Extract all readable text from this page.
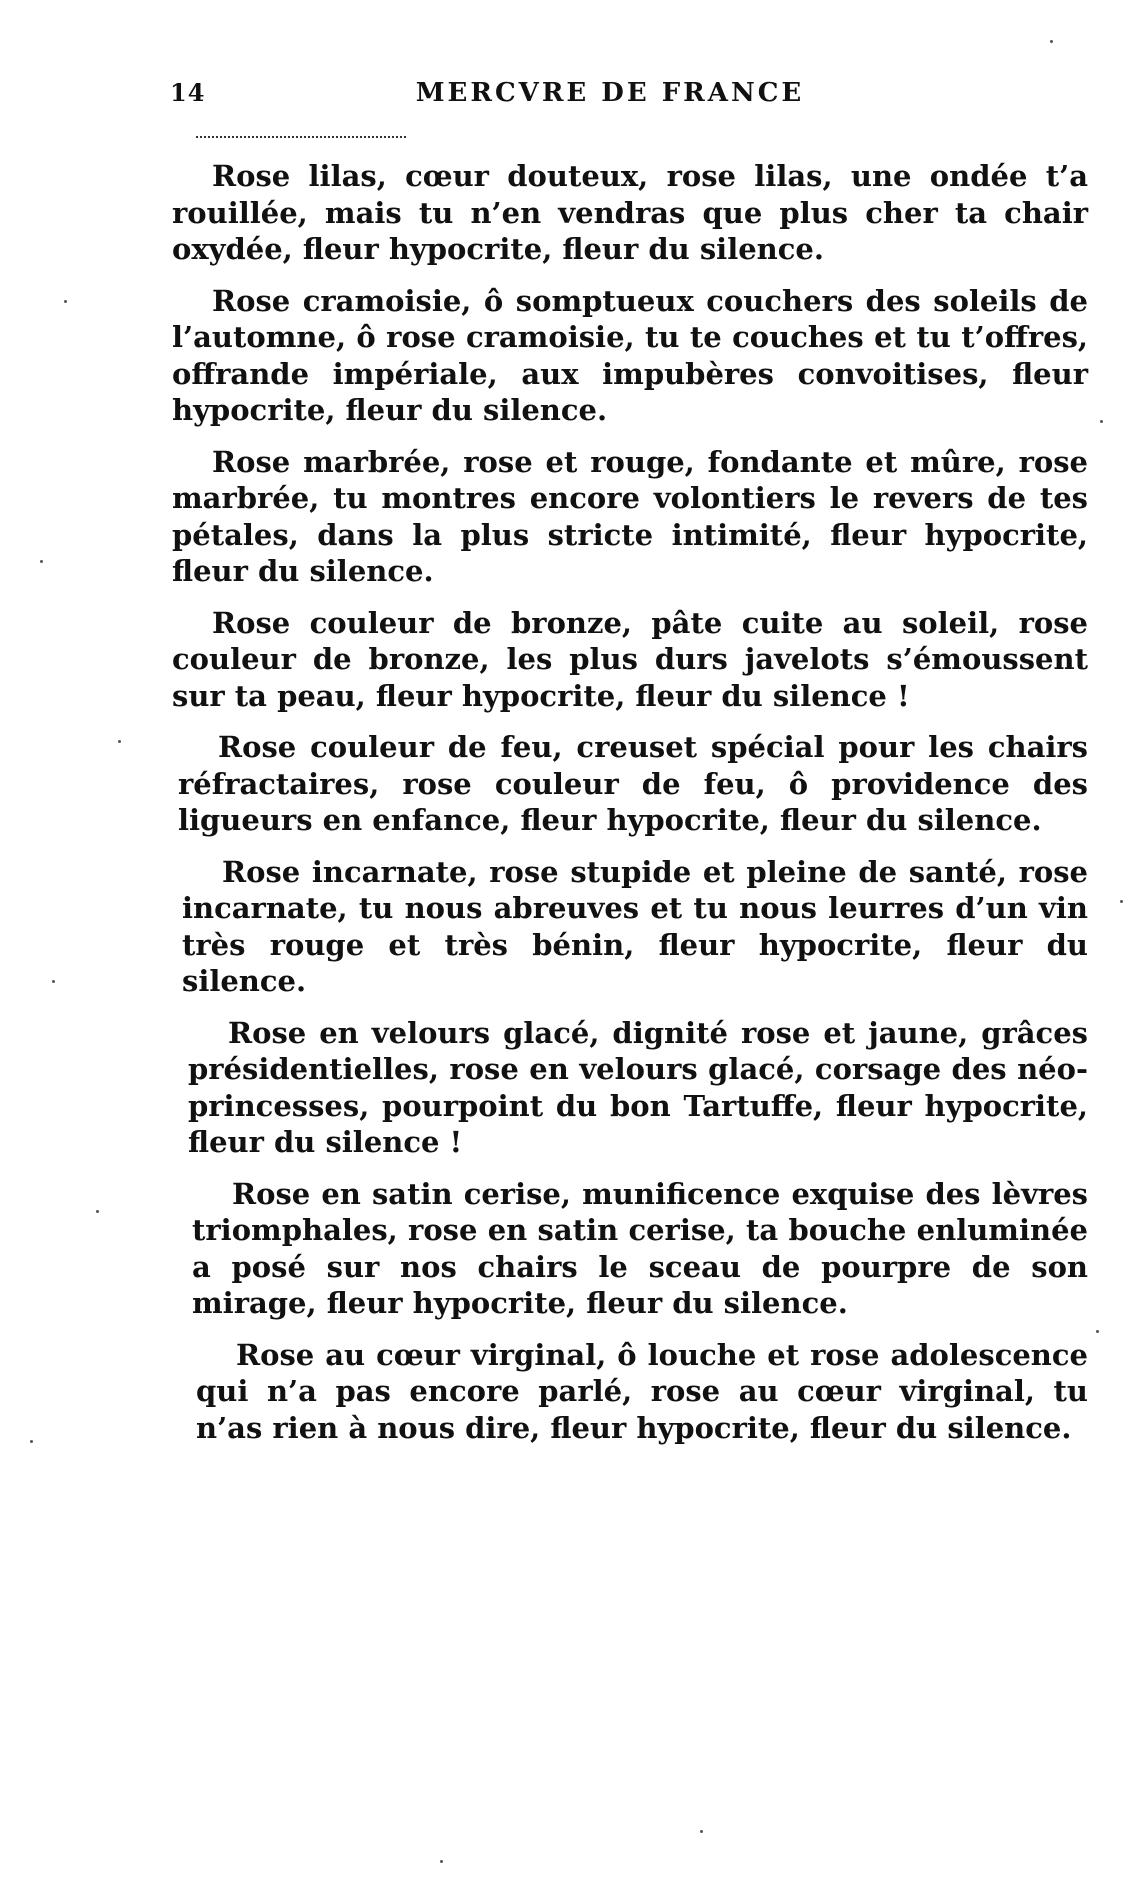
14	MERCVRE DE FRANCE

Rose lilas, cœur douteux, rose lilas, une ondée t’a rouillée, mais tu n’en vendras que plus cher ta chair oxydée, fleur hypocrite, fleur du silence.

Rose cramoisie, ô somptueux couchers des soleils de l’automne, ô rose cramoisie, tu te couches et tu t’offres, offrande impériale, aux impubères convoitises, fleur hypocrite, fleur du silence.

Rose marbrée, rose et rouge, fondante et mûre, rose marbrée, tu montres encore volontiers le revers de tes pétales, dans la plus stricte intimité, fleur hypocrite, fleur du silence.

Rose couleur de bronze, pâte cuite au soleil, rose couleur de bronze, les plus durs javelots s’émoussent sur ta peau, fleur hypocrite, fleur du silence !

Rose couleur de feu, creuset spécial pour les chairs réfractaires, rose couleur de feu, ô providence des ligueurs en enfance, fleur hypocrite, fleur du silence.

Rose incarnate, rose stupide et pleine de santé, rose incarnate, tu nous abreuves et tu nous leurres d’un vin très rouge et très bénin, fleur hypocrite, fleur du silence.

Rose en velours glacé, dignité rose et jaune, grâces présidentielles, rose en velours glacé, corsage des néo-princesses, pourpoint du bon Tartuffe, fleur hypocrite, fleur du silence !

Rose en satin cerise, munificence exquise des lèvres triomphales, rose en satin cerise, ta bouche enluminée a posé sur nos chairs le sceau de pourpre de son mirage, fleur hypocrite, fleur du silence.

Rose au cœur virginal, ô louche et rose adolescence qui n’a pas encore parlé, rose au cœur virginal, tu n’as rien à nous dire, fleur hypocrite, fleur du silence.
